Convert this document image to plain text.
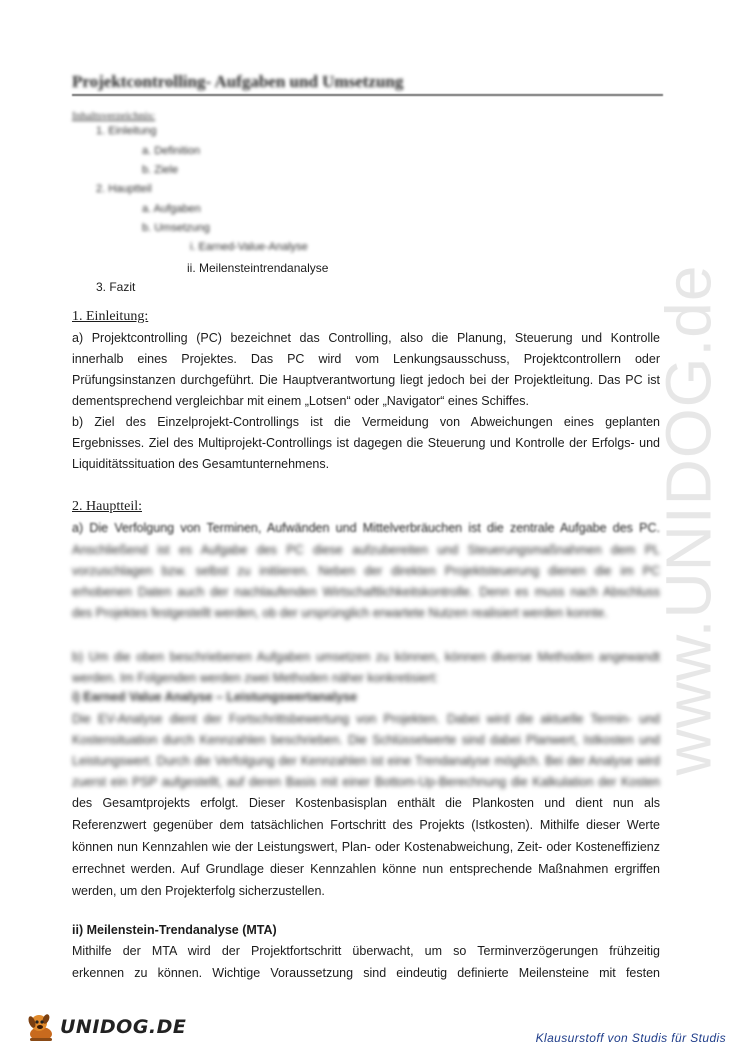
Projektcontrolling- Aufgaben und Umsetzung
Inhaltsverzeichnis:
1. Einleitung
a. Definition
b. Ziele
2. Hauptteil
a. Aufgaben
b. Umsetzung
i. Earned-Value-Analyse
ii. Meilensteintrendanalyse
3. Fazit
1. Einleitung:
a) Projektcontrolling (PC) bezeichnet das Controlling, also die Planung, Steuerung und Kontrolle
innerhalb eines Projektes. Das PC wird vom Lenkungsausschuss, Projektcontrollern oder
Prüfungsinstanzen durchgeführt. Die Hauptverantwortung liegt jedoch bei der Projektleitung. Das PC ist
dementsprechend vergleichbar mit einem „Lotsen“ oder „Navigator“ eines Schiffes.
b) Ziel des Einzelprojekt-Controllings ist die Vermeidung von Abweichungen eines geplanten
Ergebnisses. Ziel des Multiprojekt-Controllings ist dagegen die Steuerung und Kontrolle der Erfolgs- und
Liquiditätssituation des Gesamtunternehmens.
2. Hauptteil:
a) Die Verfolgung von Terminen, Aufwänden und Mittelverbräuchen ist die zentrale Aufgabe des PC.
Anschließend ist es Aufgabe des PC diese aufzubereiten und Steuerungsmaßnahmen dem PL
vorzuschlagen bzw. selbst zu initiieren. Neben der direkten Projektsteuerung dienen die im PC
erhobenen Daten auch der nachlaufenden Wirtschaftlichkeitskontrolle. Denn es muss nach Abschluss
des Projektes festgestellt werden, ob der ursprünglich erwartete Nutzen realisiert werden konnte.
b) Um die oben beschriebenen Aufgaben umsetzen zu können, können diverse Methoden angewandt
werden. Im Folgenden werden zwei Methoden näher konkretisiert:
i) Earned Value Analyse – Leistungswertanalyse
Die EV-Analyse dient der Fortschrittsbewertung von Projekten. Dabei wird die aktuelle Termin- und
Kostensituation durch Kennzahlen beschrieben. Die Schlüsselwerte sind dabei Planwert, Istkosten und
Leistungswert. Durch die Verfolgung der Kennzahlen ist eine Trendanalyse möglich. Bei der Analyse wird
zuerst ein PSP aufgestellt, auf deren Basis mit einer Bottom-Up-Berechnung die Kalkulation der Kosten
des Gesamtprojekts erfolgt. Dieser Kostenbasisplan enthält die Plankosten und dient nun als
Referenzwert gegenüber dem tatsächlichen Fortschritt des Projekts (Istkosten). Mithilfe dieser Werte
können nun Kennzahlen wie der Leistungswert, Plan- oder Kostenabweichung, Zeit- oder Kosteneffizienz
errechnet werden. Auf Grundlage dieser Kennzahlen könne nun entsprechende Maßnahmen ergriffen
werden, um den Projekterfolg sicherzustellen.
ii) Meilenstein-Trendanalyse (MTA)
Mithilfe der MTA wird der Projektfortschritt überwacht, um so Terminverzögerungen frühzeitig
erkennen zu können. Wichtige Voraussetzung sind eindeutig definierte Meilensteine mit festen
www.UNIDOG.de
UNIDOG.DE	Klausurstoff von Studis für Studis
